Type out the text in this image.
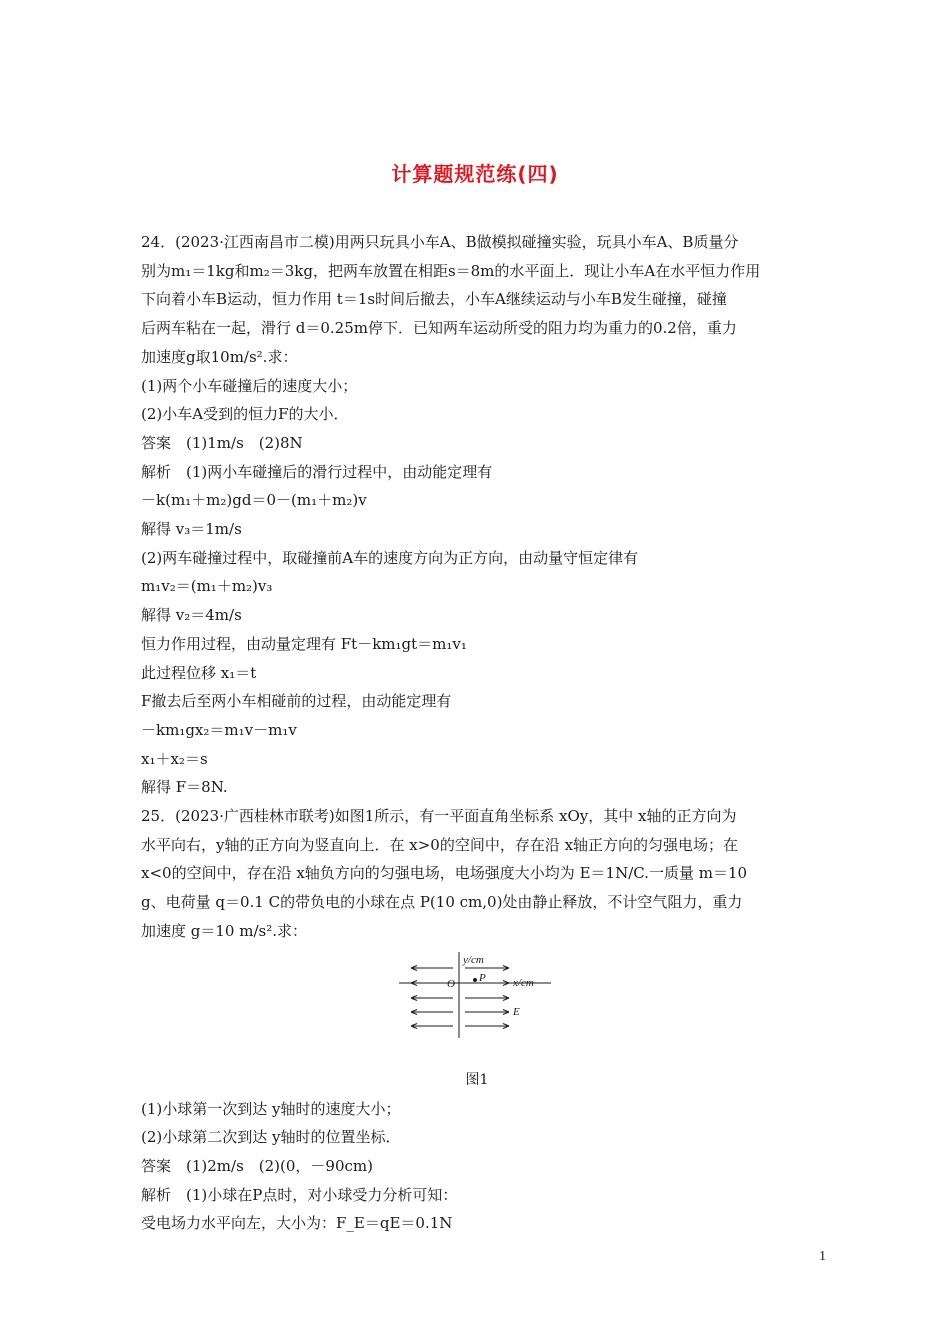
计算题规范练(四)

24．(2023·江西南昌市二模)用两只玩具小车A、B做模拟碰撞实验，玩具小车A、B质量分

别为m₁＝1kg和m₂＝3kg，把两车放置在相距s＝8m的水平面上．现让小车A在水平恒力作用

下向着小车B运动，恒力作用 t＝1s时间后撤去，小车A继续运动与小车B发生碰撞，碰撞

后两车粘在一起，滑行 d＝0.25m停下．已知两车运动所受的阻力均为重力的0.2倍，重力

加速度g取10m/s².求：

(1)两个小车碰撞后的速度大小；

(2)小车A受到的恒力F的大小．

答案　(1)1m/s　(2)8N

解析　(1)两小车碰撞后的滑行过程中，由动能定理有

－k(m₁＋m₂)gd＝0－(m₁＋m₂)v

解得 v₃＝1m/s

(2)两车碰撞过程中，取碰撞前A车的速度方向为正方向，由动量守恒定律有

m₁v₂＝(m₁＋m₂)v₃

解得 v₂＝4m/s

恒力作用过程，由动量定理有 Ft－km₁gt＝m₁v₁

此过程位移 x₁＝t

F撤去后至两小车相碰前的过程，由动能定理有

－km₁gx₂＝m₁v－m₁v

x₁＋x₂＝s

解得 F＝8N.

25．(2023·广西桂林市联考)如图1所示，有一平面直角坐标系 xOy，其中 x轴的正方向为

水平向右，y轴的正方向为竖直向上．在 x>0的空间中，存在沿 x轴正方向的匀强电场；在

x<0的空间中，存在沿 x轴负方向的匀强电场，电场强度大小均为 E＝1N/C.一质量 m＝10

g、电荷量 q＝0.1 C的带负电的小球在点 P(10 cm,0)处由静止释放，不计空气阻力，重力

加速度 g＝10 m/s².求：

y/cm
x/cm
O P
E

图1

(1)小球第一次到达 y轴时的速度大小；

(2)小球第二次到达 y轴时的位置坐标．

答案　(1)2m/s　(2)(0，－90cm)

解析　(1)小球在P点时，对小球受力分析可知：

受电场力水平向左，大小为：F_E＝qE＝0.1N

1
